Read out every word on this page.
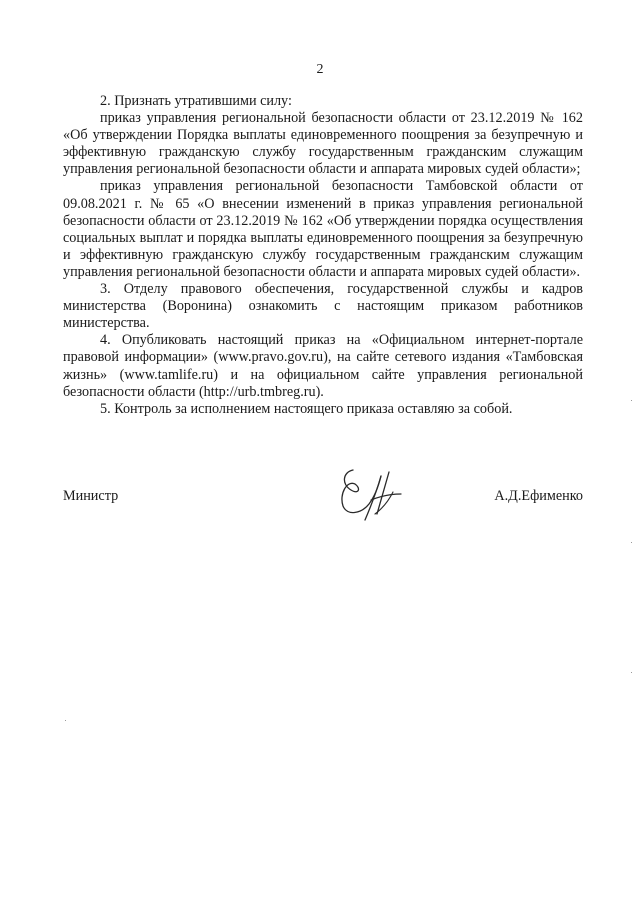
2

2. Признать утратившими силу:

приказ управления региональной безопасности области от 23.12.2019 № 162 «Об утверждении Порядка выплаты единовременного поощрения за безупречную и эффективную гражданскую службу государственным гражданским служащим управления региональной безопасности области и аппарата мировых судей области»;

приказ управления региональной безопасности Тамбовской области от 09.08.2021 г. № 65 «О внесении изменений в приказ управления региональной безопасности области от 23.12.2019 № 162 «Об утверждении порядка осуществления социальных выплат и порядка выплаты единовременного поощрения за безупречную и эффективную гражданскую службу государственным гражданским служащим управления региональной безопасности области и аппарата мировых судей области».

3. Отделу правового обеспечения, государственной службы и кадров министерства (Воронина) ознакомить с настоящим приказом работников министерства.

4. Опубликовать настоящий приказ на «Официальном интернет-портале правовой информации» (www.pravo.gov.ru), на сайте сетевого издания «Тамбовская жизнь» (www.tamlife.ru) и на официальном сайте управления региональной безопасности области (http://urb.tmbreg.ru).

5. Контроль за исполнением настоящего приказа оставляю за собой.

Министр	А.Д.Ефименко
